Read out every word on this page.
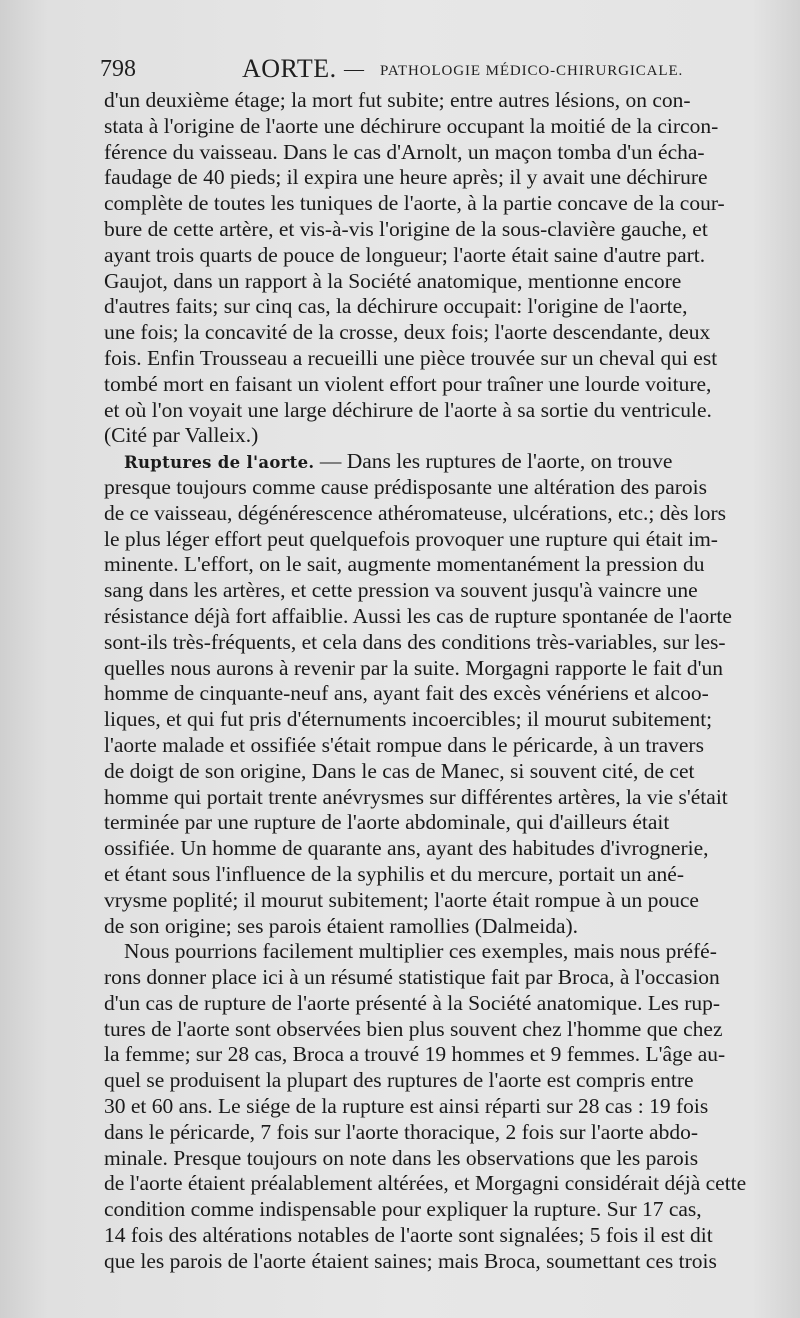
798	AORTE. — PATHOLOGIE MÉDICO-CHIRURGICALE.
d'un deuxième étage; la mort fut subite; entre autres lésions, on con-
stata à l'origine de l'aorte une déchirure occupant la moitié de la circon-
férence du vaisseau. Dans le cas d'Arnolt, un maçon tomba d'un écha-
faudage de 40 pieds; il expira une heure après; il y avait une déchirure
complète de toutes les tuniques de l'aorte, à la partie concave de la cour-
bure de cette artère, et vis-à-vis l'origine de la sous-clavière gauche, et
ayant trois quarts de pouce de longueur; l'aorte était saine d'autre part.
Gaujot, dans un rapport à la Société anatomique, mentionne encore
d'autres faits; sur cinq cas, la déchirure occupait: l'origine de l'aorte,
une fois; la concavité de la crosse, deux fois; l'aorte descendante, deux
fois. Enfin Trousseau a recueilli une pièce trouvée sur un cheval qui est
tombé mort en faisant un violent effort pour traîner une lourde voiture,
et où l'on voyait une large déchirure de l'aorte à sa sortie du ventricule.
(Cité par Valleix.)
Ruptures de l'aorte. — Dans les ruptures de l'aorte, on trouve
presque toujours comme cause prédisposante une altération des parois
de ce vaisseau, dégénérescence athéromateuse, ulcérations, etc.; dès lors
le plus léger effort peut quelquefois provoquer une rupture qui était im-
minente. L'effort, on le sait, augmente momentanément la pression du
sang dans les artères, et cette pression va souvent jusqu'à vaincre une
résistance déjà fort affaiblie. Aussi les cas de rupture spontanée de l'aorte
sont-ils très-fréquents, et cela dans des conditions très-variables, sur les-
quelles nous aurons à revenir par la suite. Morgagni rapporte le fait d'un
homme de cinquante-neuf ans, ayant fait des excès vénériens et alcoo-
liques, et qui fut pris d'éternuments incoercibles; il mourut subitement;
l'aorte malade et ossifiée s'était rompue dans le péricarde, à un travers
de doigt de son origine, Dans le cas de Manec, si souvent cité, de cet
homme qui portait trente anévrysmes sur différentes artères, la vie s'était
terminée par une rupture de l'aorte abdominale, qui d'ailleurs était
ossifiée. Un homme de quarante ans, ayant des habitudes d'ivrognerie,
et étant sous l'influence de la syphilis et du mercure, portait un ané-
vrysme poplité; il mourut subitement; l'aorte était rompue à un pouce
de son origine; ses parois étaient ramollies (Dalmeida).
Nous pourrions facilement multiplier ces exemples, mais nous préfé-
rons donner place ici à un résumé statistique fait par Broca, à l'occasion
d'un cas de rupture de l'aorte présenté à la Société anatomique. Les rup-
tures de l'aorte sont observées bien plus souvent chez l'homme que chez
la femme; sur 28 cas, Broca a trouvé 19 hommes et 9 femmes. L'âge au-
quel se produisent la plupart des ruptures de l'aorte est compris entre
30 et 60 ans. Le siége de la rupture est ainsi réparti sur 28 cas : 19 fois
dans le péricarde, 7 fois sur l'aorte thoracique, 2 fois sur l'aorte abdo-
minale. Presque toujours on note dans les observations que les parois
de l'aorte étaient préalablement altérées, et Morgagni considérait déjà cette
condition comme indispensable pour expliquer la rupture. Sur 17 cas,
14 fois des altérations notables de l'aorte sont signalées; 5 fois il est dit
que les parois de l'aorte étaient saines; mais Broca, soumettant ces trois
